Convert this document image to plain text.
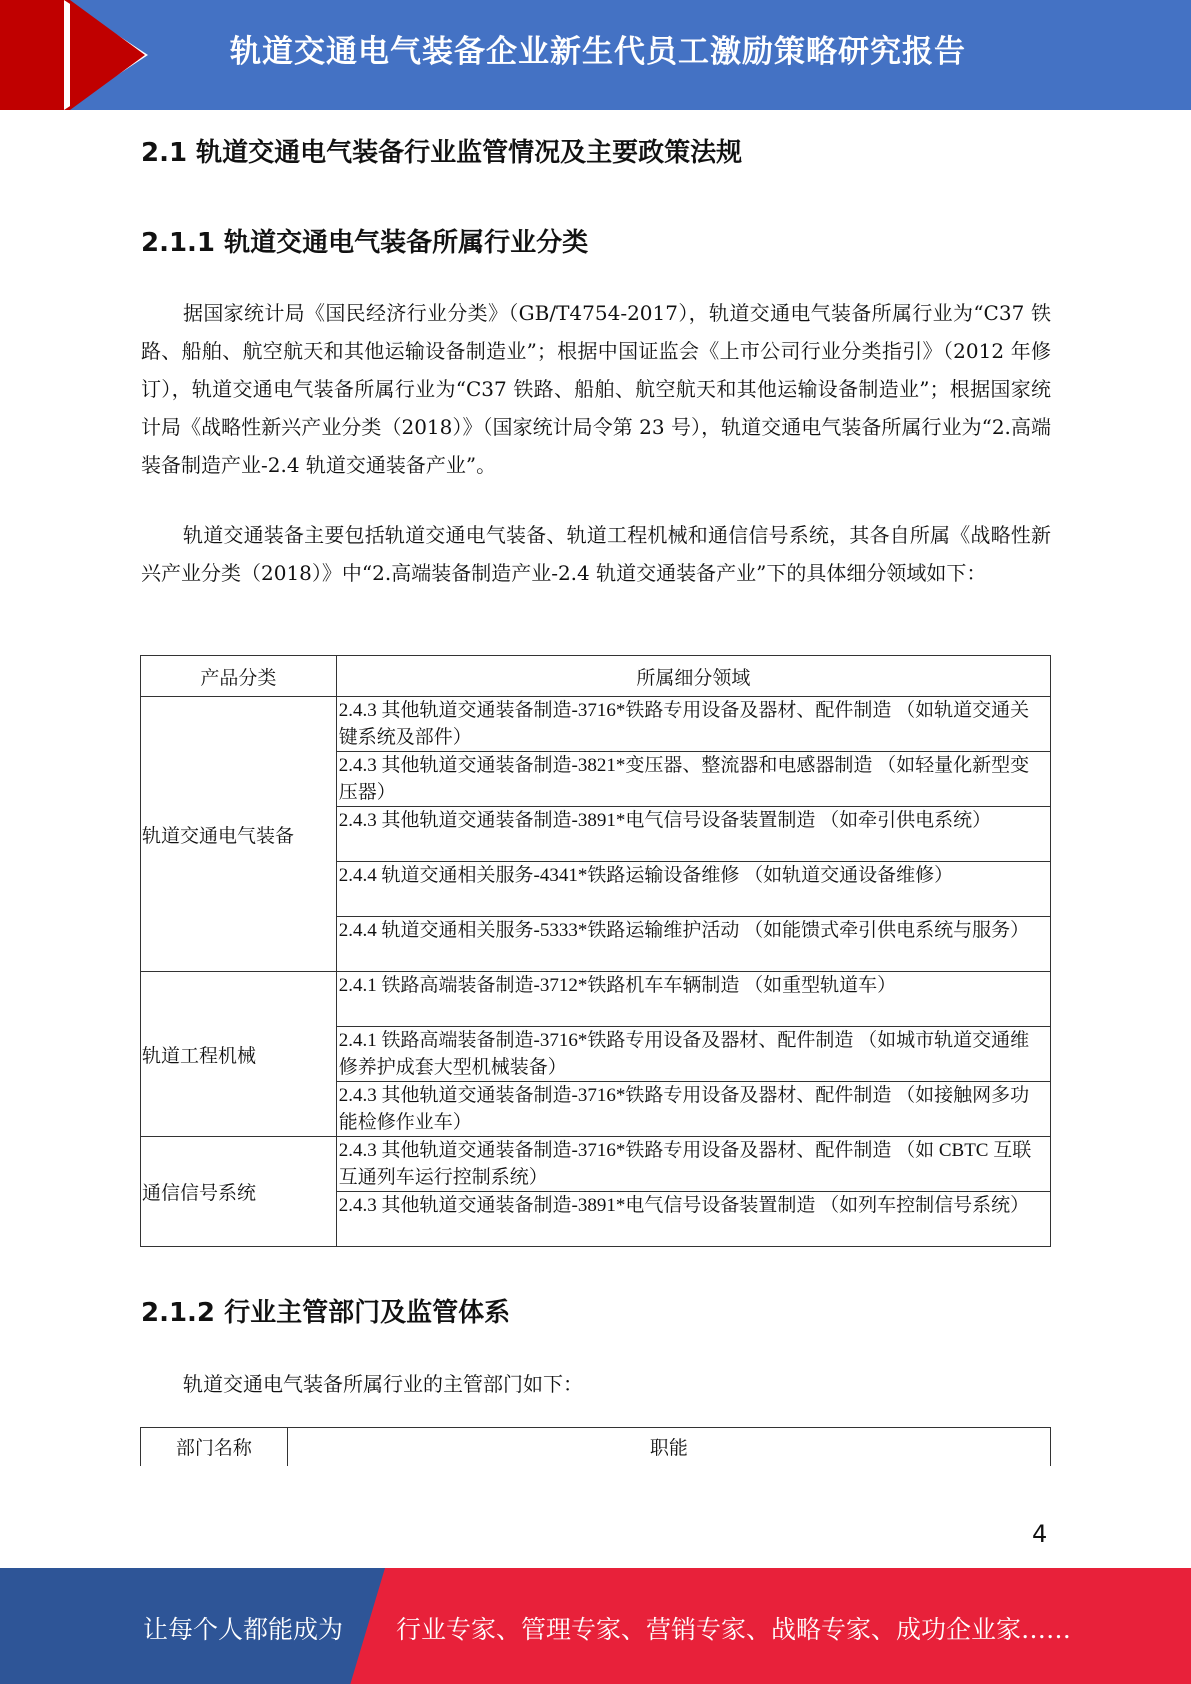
轨道交通电气装备企业新生代员工激励策略研究报告
2.1 轨道交通电气装备行业监管情况及主要政策法规
2.1.1 轨道交通电气装备所属行业分类
据国家统计局《国民经济行业分类》（GB/T4754-2017），轨道交通电气装备所属行业为“C37 铁路、船舶、航空航天和其他运输设备制造业”；根据中国证监会《上市公司行业分类指引》（2012 年修订），轨道交通电气装备所属行业为“C37 铁路、船舶、航空航天和其他运输设备制造业”；根据国家统计局《战略性新兴产业分类（2018）》（国家统计局令第 23 号），轨道交通电气装备所属行业为“2.高端装备制造产业-2.4 轨道交通装备产业”。
轨道交通装备主要包括轨道交通电气装备、轨道工程机械和通信信号系统，其各自所属《战略性新兴产业分类（2018）》中“2.高端装备制造产业-2.4 轨道交通装备产业”下的具体细分领域如下：
产品分类	所属细分领域
轨道交通电气装备	2.4.3 其他轨道交通装备制造-3716*铁路专用设备及器材、配件制造 （如轨道交通关键系统及部件）
	2.4.3 其他轨道交通装备制造-3821*变压器、整流器和电感器制造 （如轻量化新型变压器）
	2.4.3 其他轨道交通装备制造-3891*电气信号设备装置制造 （如牵引供电系统）
	2.4.4 轨道交通相关服务-4341*铁路运输设备维修 （如轨道交通设备维修）
	2.4.4 轨道交通相关服务-5333*铁路运输维护活动 （如能馈式牵引供电系统与服务）
轨道工程机械	2.4.1 铁路高端装备制造-3712*铁路机车车辆制造 （如重型轨道车）
	2.4.1 铁路高端装备制造-3716*铁路专用设备及器材、配件制造 （如城市轨道交通维修养护成套大型机械装备）
	2.4.3 其他轨道交通装备制造-3716*铁路专用设备及器材、配件制造 （如接触网多功能检修作业车）
通信信号系统	2.4.3 其他轨道交通装备制造-3716*铁路专用设备及器材、配件制造 （如 CBTC 互联互通列车运行控制系统）
	2.4.3 其他轨道交通装备制造-3891*电气信号设备装置制造 （如列车控制信号系统）
2.1.2 行业主管部门及监管体系
轨道交通电气装备所属行业的主管部门如下：
部门名称	职能
4
让每个人都能成为 行业专家、管理专家、营销专家、战略专家、成功企业家……
